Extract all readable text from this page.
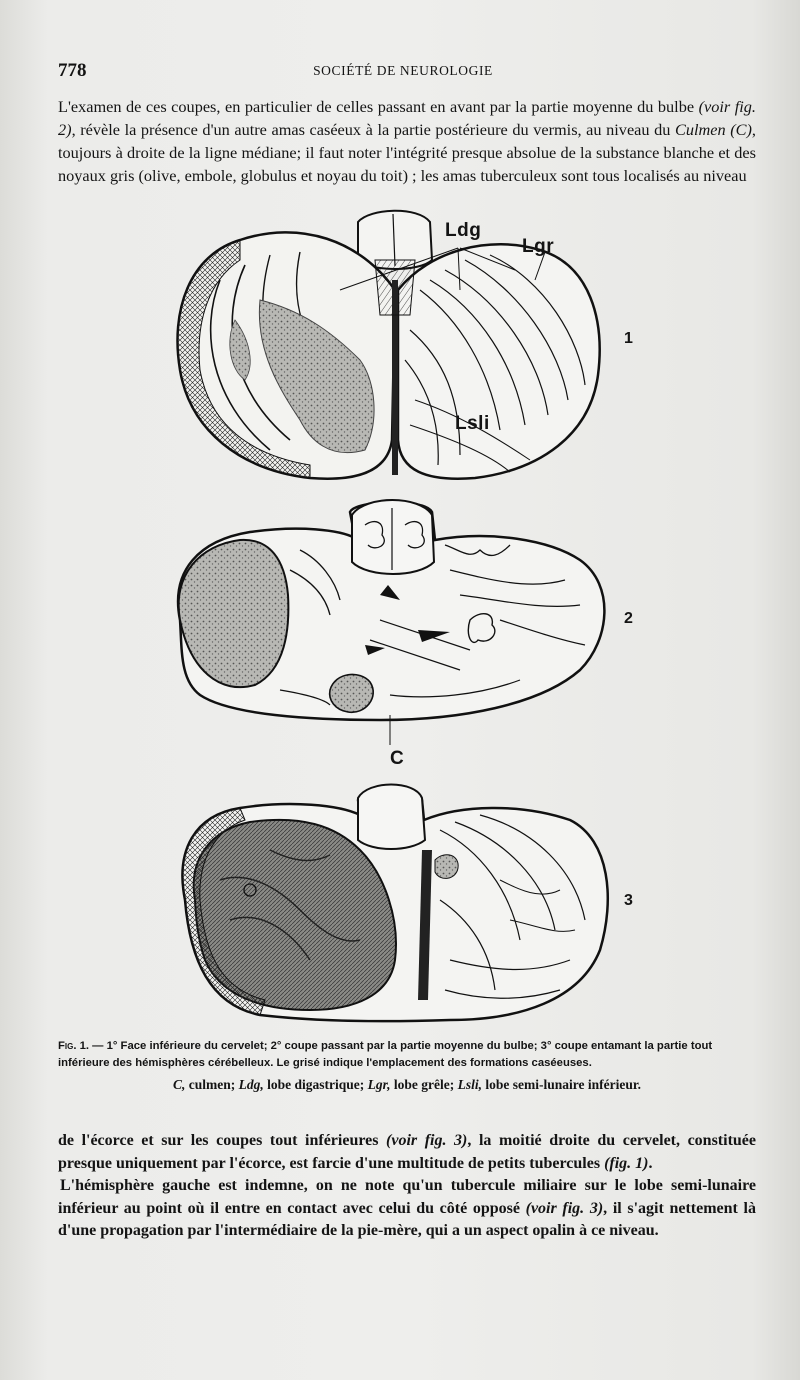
778	SOCIÉTÉ DE NEUROLOGIE

L'examen de ces coupes, en particulier de celles passant en avant par la partie moyenne du bulbe (voir fig. 2), révèle la présence d'un autre amas caséeux à la partie postérieure du vermis, au niveau du Culmen (C), toujours à droite de la ligne médiane; il faut noter l'intégrité presque absolue de la substance blanche et des noyaux gris (olive, embole, globulus et noyau du toit) ; les amas tuberculeux sont tous localisés au niveau

Ldg
Lgr
Lsli
C
1
2
3

Fig. 1. — 1° Face inférieure du cervelet; 2° coupe passant par la partie moyenne du bulbe; 3° coupe entamant la partie tout inférieure des hémisphères cérébelleux. Le grisé indique l'emplacement des formations caséeuses.

C, culmen; Ldg, lobe digastrique; Lgr, lobe grêle; Lsli, lobe semi-lunaire inférieur.

de l'écorce et sur les coupes tout inférieures (voir fig. 3), la moitié droite du cervelet, constituée presque uniquement par l'écorce, est farcie d'une multitude de petits tubercules (fig. 1).

L'hémisphère gauche est indemne, on ne note qu'un tubercule miliaire sur le lobe semi-lunaire inférieur au point où il entre en contact avec celui du côté opposé (voir fig. 3), il s'agit nettement là d'une propagation par l'intermédiaire de la pie-mère, qui a un aspect opalin à ce niveau.
